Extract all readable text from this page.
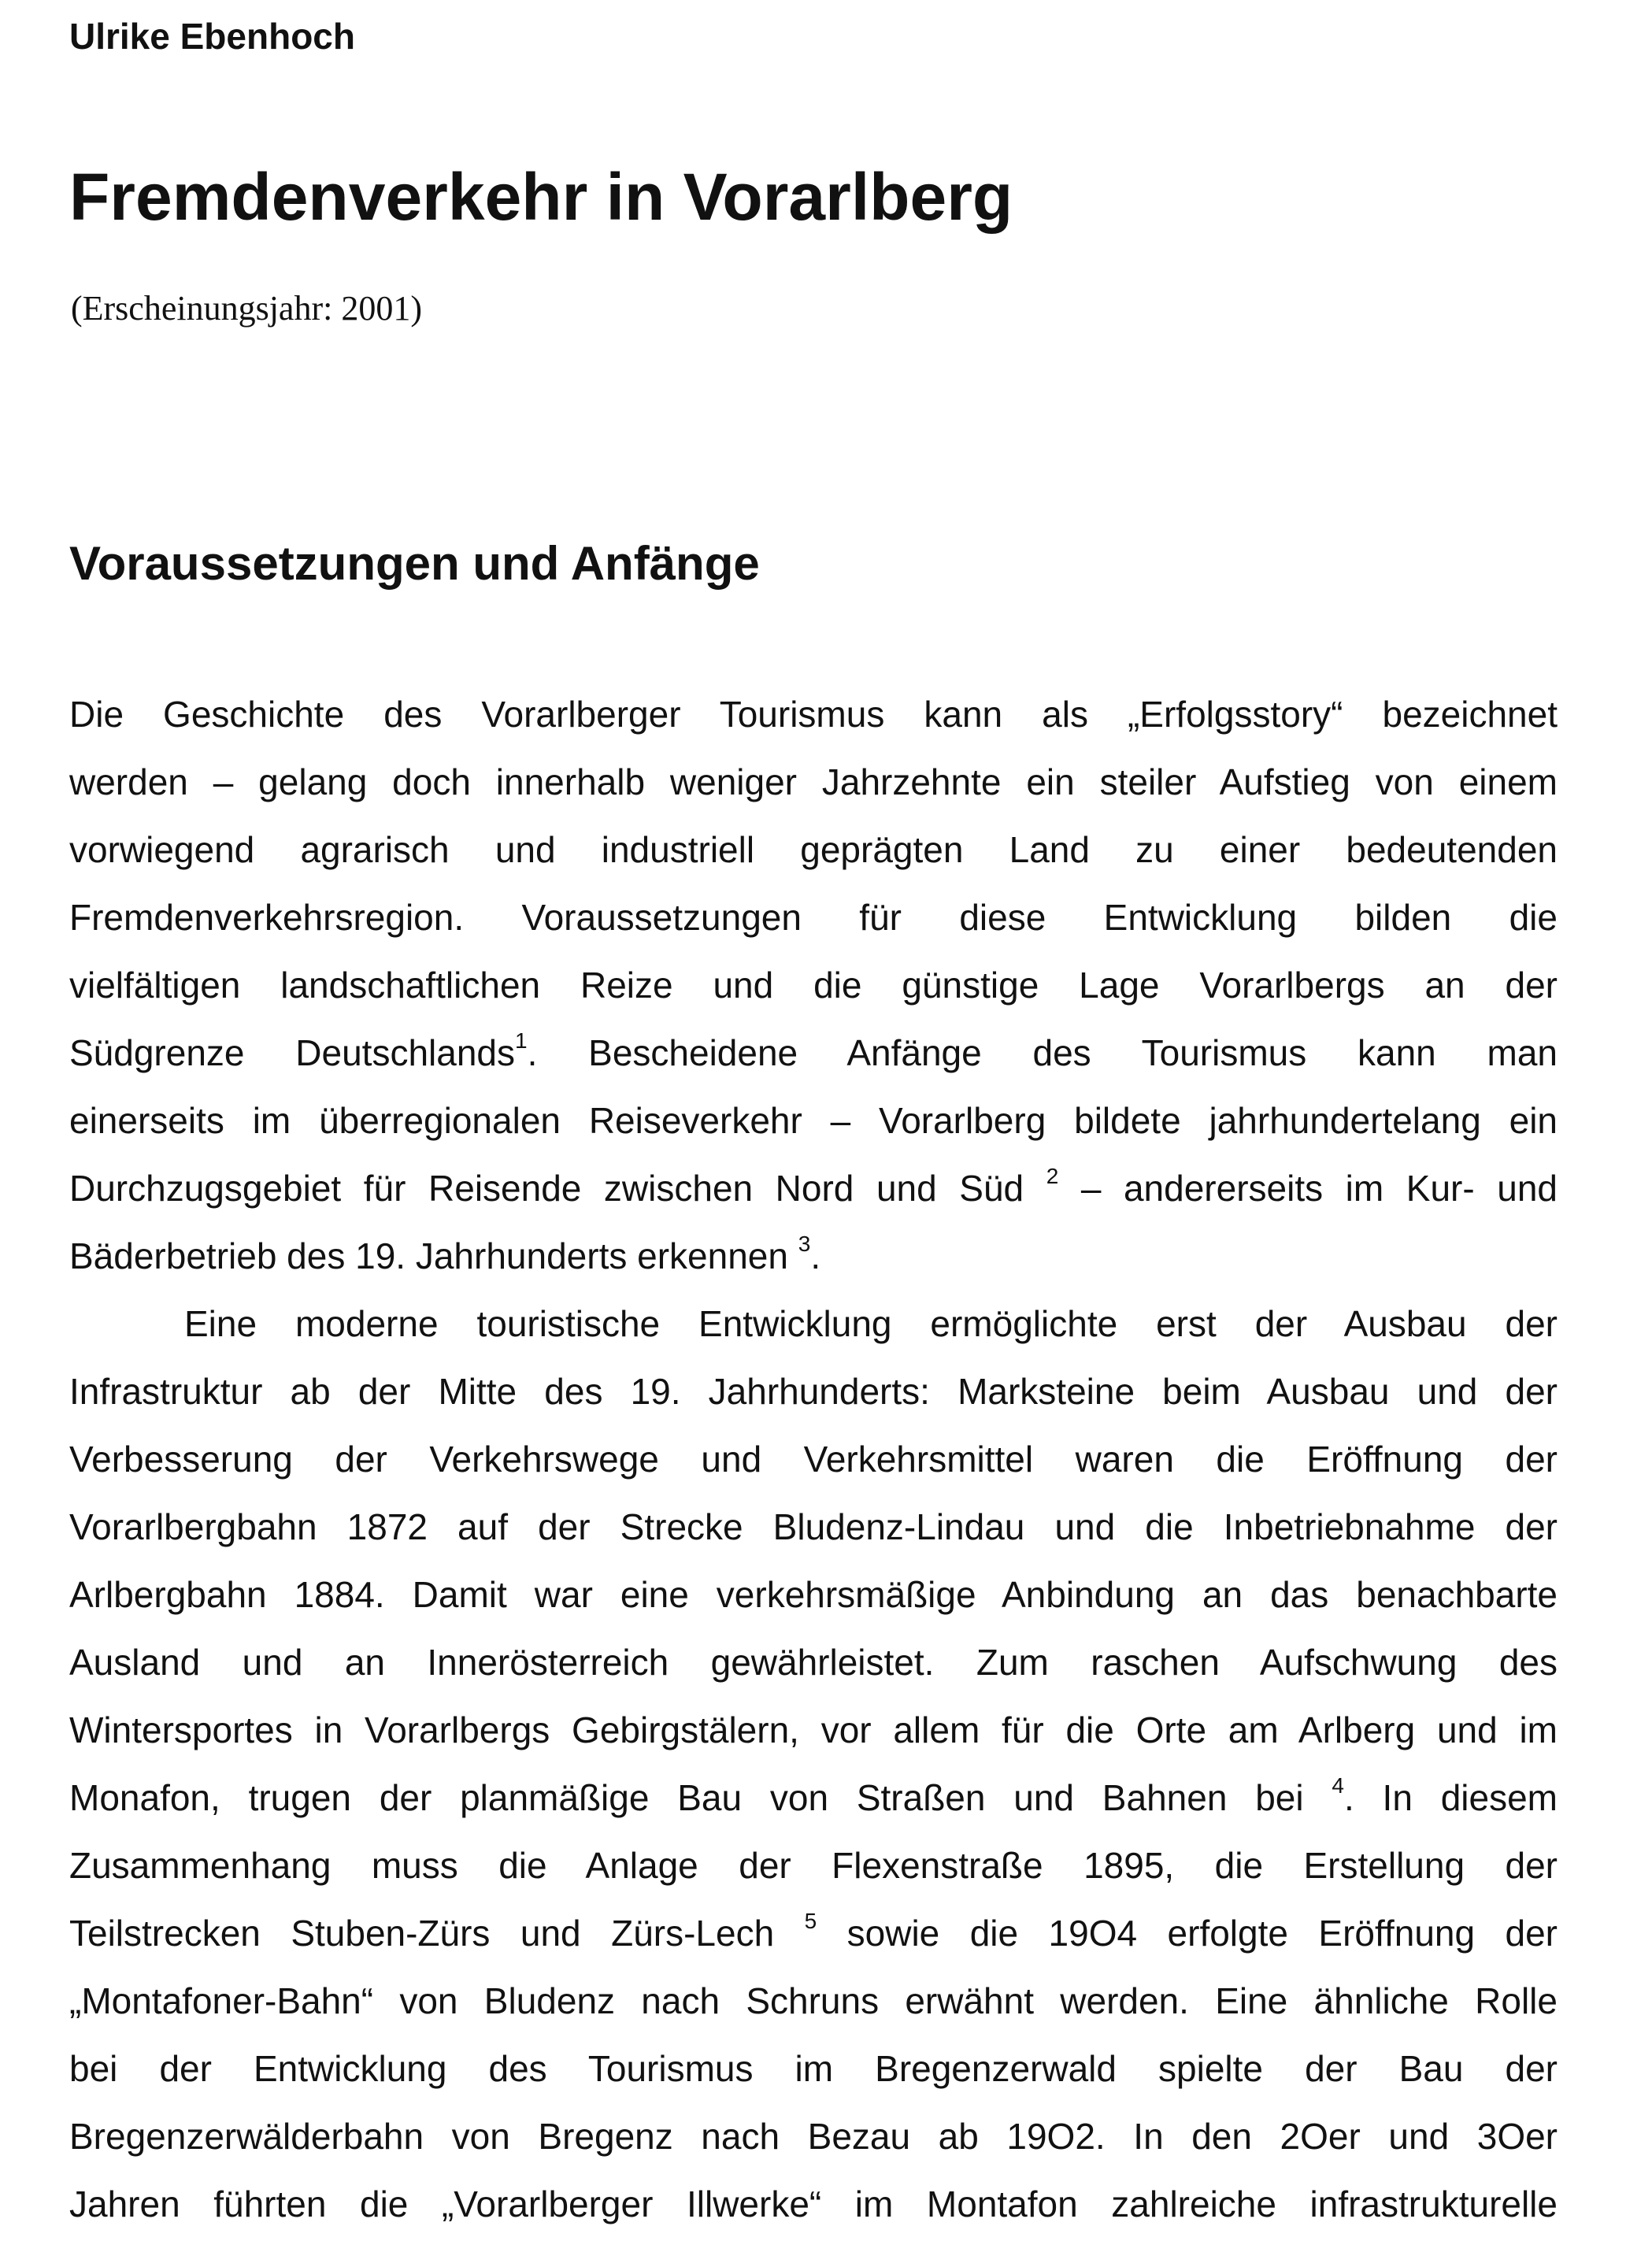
Ulrike Ebenhoch

Fremdenverkehr in Vorarlberg

(Erscheinungsjahr: 2001)

Voraussetzungen und Anfänge
Die Geschichte des Vorarlberger Tourismus kann als „Erfolgsstory“ bezeichnet
werden – gelang doch innerhalb weniger Jahrzehnte ein steiler Aufstieg von einem
vorwiegend agrarisch und industriell geprägten Land zu einer bedeutenden
Fremdenverkehrsregion. Voraussetzungen für diese Entwicklung bilden die
vielfältigen landschaftlichen Reize und die günstige Lage Vorarlbergs an der
Südgrenze Deutschlands$^1$. Bescheidene Anfänge des Tourismus kann man
einerseits im überregionalen Reiseverkehr – Vorarlberg bildete jahrhundertelang ein
Durchzugsgebiet für Reisende zwischen Nord und Süd $^2$ – andererseits im Kur- und
Bäderbetrieb des 19. Jahrhunderts erkennen $^3$.
Eine moderne touristische Entwicklung ermöglichte erst der Ausbau der
Infrastruktur ab der Mitte des 19. Jahrhunderts: Marksteine beim Ausbau und der
Verbesserung der Verkehrswege und Verkehrsmittel waren die Eröffnung der
Vorarlbergbahn 1872 auf der Strecke Bludenz-Lindau und die Inbetriebnahme der
Arlbergbahn 1884. Damit war eine verkehrsmäßige Anbindung an das benachbarte
Ausland und an Innerösterreich gewährleistet. Zum raschen Aufschwung des
Wintersportes in Vorarlbergs Gebirgstälern, vor allem für die Orte am Arlberg und im
Monafon, trugen der planmäßige Bau von Straßen und Bahnen bei $^4$. In diesem
Zusammenhang muss die Anlage der Flexenstraße 1895, die Erstellung der
Teilstrecken Stuben-Zürs und Zürs-Lech $^5$ sowie die 19O4 erfolgte Eröffnung der
„Montafoner-Bahn“ von Bludenz nach Schruns erwähnt werden. Eine ähnliche Rolle
bei der Entwicklung des Tourismus im Bregenzerwald spielte der Bau der
Bregenzerwälderbahn von Bregenz nach Bezau ab 19O2. In den 2Oer und 3Oer
Jahren führten die „Vorarlberger Illwerke“ im Montafon zahlreiche infrastrukturelle
